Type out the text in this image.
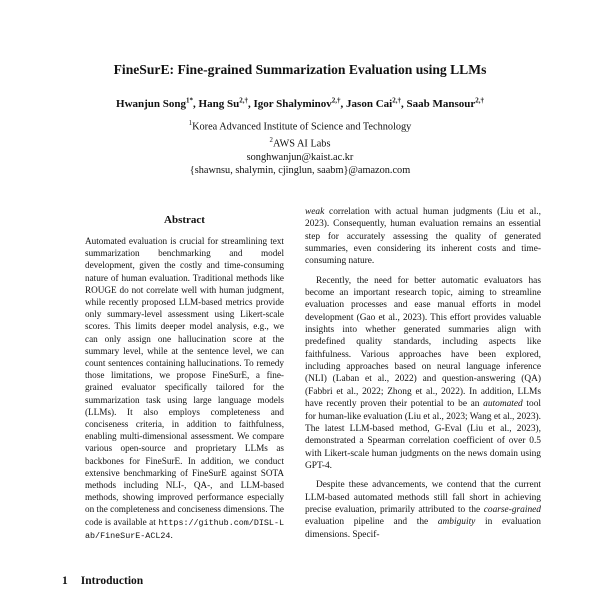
FineSurE: Fine-grained Summarization Evaluation using LLMs
Hwanjun Song$^{1*}$, Hang $Su^{2,\dagger}$, Igor Shalyminov$^{2,\dagger}$, Jason Cai$^{2,\dagger}$, Saab Mansour$^{2,\dagger}$
$^1$Korea Advanced Institute of Science and Technology
$^2$AWS AI Labs
songhwanjun@kaist.ac.kr
{shawnsu, shalymin, cjinglun, saabm}@amazon.com
Abstract
Automated evaluation is crucial for streamlining text summarization benchmarking and model development, given the costly and time-consuming nature of human evaluation. Traditional methods like ROUGE do not correlate well with human judgment, while recently proposed LLM-based metrics provide only summary-level assessment using Likert-scale scores. This limits deeper model analysis, e.g., we can only assign one hallucination score at the summary level, while at the sentence level, we can count sentences containing hallucinations. To remedy those limitations, we propose FineSurE, a fine-grained evaluator specifically tailored for the summarization task using large language models (LLMs). It also employs completeness and conciseness criteria, in addition to faithfulness, enabling multi-dimensional assessment. We compare various open-source and proprietary LLMs as backbones for FineSurE. In addition, we conduct extensive benchmarking of FineSurE against SOTA methods including NLI-, QA-, and LLM-based methods, showing improved performance especially on the completeness and conciseness dimensions. The code is available at https://github.com/DISL-Lab/FineSurE-ACL24.
1 Introduction

weak correlation with actual human judgments (Liu et al., 2023). Consequently, human evaluation remains an essential step for accurately assessing the quality of generated summaries, even considering its inherent costs and time-consuming nature.

Recently, the need for better automatic evaluators has become an important research topic, aiming to streamline evaluation processes and ease manual efforts in model development (Gao et al., 2023). This effort provides valuable insights into whether generated summaries align with predefined quality standards, including aspects like faithfulness. Various approaches have been explored, including approaches based on neural language inference (NLI) (Laban et al., 2022) and question-answering (QA) (Fabbri et al., 2022; Zhong et al., 2022). In addition, LLMs have recently proven their potential to be an automated tool for human-like evaluation (Liu et al., 2023; Wang et al., 2023). The latest LLM-based method, G-Eval (Liu et al., 2023), demonstrated a Spearman correlation coefficient of over 0.5 with Likert-scale human judgments on the news domain using GPT-4.

Despite these advancements, we contend that the current LLM-based automated methods still fall short in achieving precise evaluation, primarily attributed to the coarse-grained evaluation pipeline and the ambiguity in evaluation dimensions. Specif-
